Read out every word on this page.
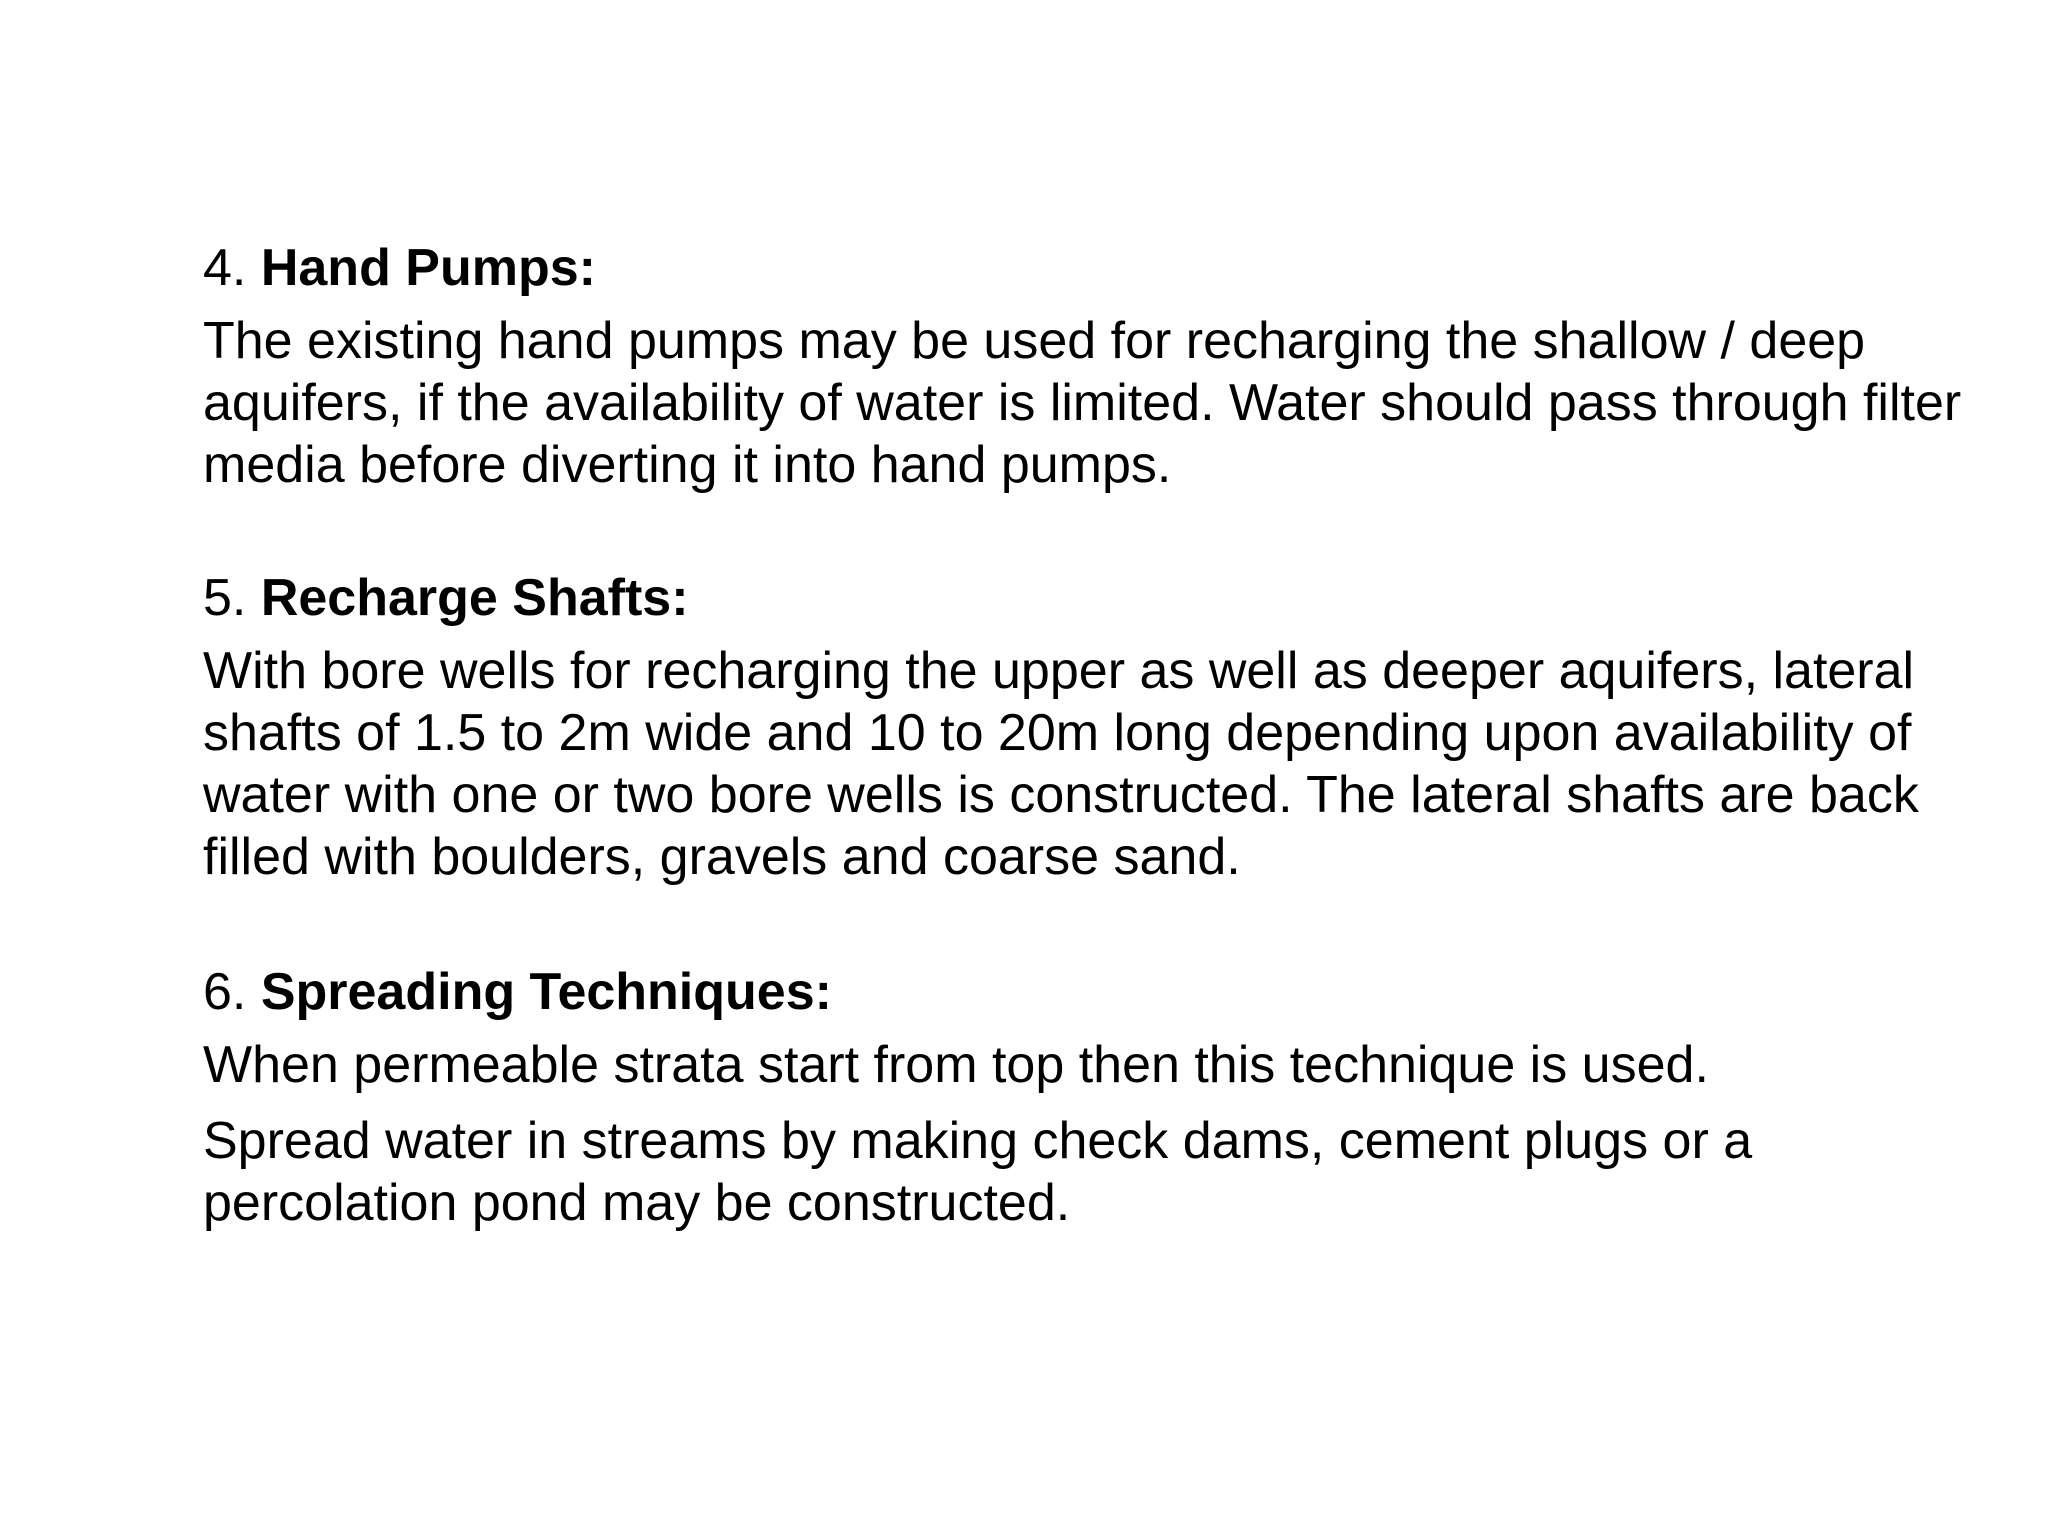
4. Hand Pumps:

The existing hand pumps may be used for recharging the shallow / deep aquifers, if the availability of water is limited. Water should pass through filter media before diverting it into hand pumps.

5. Recharge Shafts:

With bore wells for recharging the upper as well as deeper aquifers, lateral shafts of 1.5 to 2m wide and 10 to 20m long depending upon availability of water with one or two bore wells is constructed. The lateral shafts are back filled with boulders, gravels and coarse sand.

6. Spreading Techniques:

When permeable strata start from top then this technique is used.

Spread water in streams by making check dams, cement plugs or a percolation pond may be constructed.
